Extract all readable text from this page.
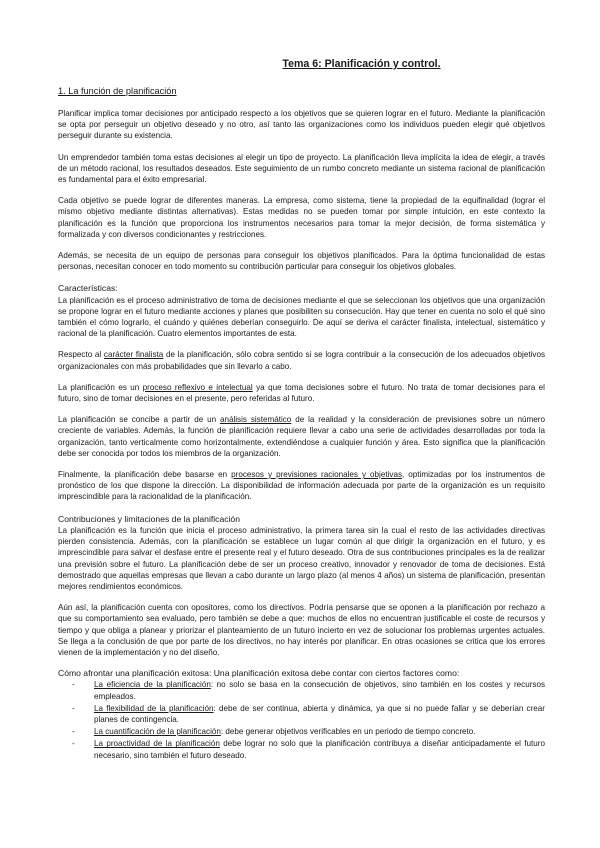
Tema 6: Planificación y control.
1. La función de planificación

Planificar implica tomar decisiones por anticipado respecto a los objetivos que se quieren lograr en el futuro. Mediante la planificación se opta por perseguir un objetivo deseado y no otro, así tanto las organizaciones como los individuos pueden elegir qué objetivos perseguir durante su existencia.

Un emprendedor también toma estas decisiones al elegir un tipo de proyecto. La planificación lleva implícita la idea de elegir, a través de un método racional, los resultados deseados. Este seguimiento de un rumbo concreto mediante un sistema racional de planificación es fundamental para el éxito empresarial.

Cada objetivo se puede lograr de diferentes maneras. La empresa, como sistema, tiene la propiedad de la equifinalidad (lograr el mismo objetivo mediante distintas alternativas). Estas medidas no se pueden tomar por simple intuición, en este contexto la planificación es la función que proporciona los instrumentos necesarios para tomar la mejor decisión, de forma sistemática y formalizada y con diversos condicionantes y restricciones.

Además, se necesita de un equipo de personas para conseguir los objetivos planificados. Para la óptima funcionalidad de estas personas, necesitan conocer en todo momento su contribución particular para conseguir los objetivos globales.

Características:

La planificación es el proceso administrativo de toma de decisiones mediante el que se seleccionan los objetivos que una organización se propone lograr en el futuro mediante acciones y planes que posibiliten su consecución. Hay que tener en cuenta no solo el qué sino también el cómo lograrlo, el cuándo y quiénes deberían conseguirlo. De aquí se deriva el carácter finalista, intelectual, sistemático y racional de la planificación. Cuatro elementos importantes de esta.

Respecto al carácter finalista de la planificación, sólo cobra sentido si se logra contribuir a la consecución de los adecuados objetivos organizacionales con más probabilidades que sin llevarlo a cabo.

La planificación es un proceso reflexivo e intelectual ya que toma decisiones sobre el futuro. No trata de tomar decisiones para el futuro, sino de tomar decisiones en el presente, pero referidas al futuro.

La planificación se concibe a partir de un análisis sistemático de la realidad y la consideración de previsiones sobre un número creciente de variables. Además, la función de planificación requiere llevar a cabo una serie de actividades desarrolladas por toda la organización, tanto verticalmente como horizontalmente, extendiéndose a cualquier función y área. Esto significa que la planificación debe ser conocida por todos los miembros de la organización.

Finalmente, la planificación debe basarse en procesos y previsiones racionales y objetivas, optimizadas por los instrumentos de pronóstico de los que dispone la dirección. La disponibilidad de información adecuada por parte de la organización es un requisito imprescindible para la racionalidad de la planificación.

Contribuciones y limitaciones de la planificación

La planificación es la función que inicia el proceso administrativo, la primera tarea sin la cual el resto de las actividades directivas pierden consistencia. Además, con la planificación se establece un lugar común al que dirigir la organización en el futuro, y es imprescindible para salvar el desfase entre el presente real y el futuro deseado. Otra de sus contribuciones principales es la de realizar una previsión sobre el futuro. La planificación debe de ser un proceso creativo, innovador y renovador de toma de decisiones. Está demostrado que aquellas empresas que llevan a cabo durante un largo plazo (al menos 4 años) un sistema de planificación, presentan mejores rendimientos económicos.

Aún así, la planificación cuenta con opositores, como los directivos. Podría pensarse que se oponen a la planificación por rechazo a que su comportamiento sea evaluado, pero también se debe a que: muchos de ellos no encuentran justificable el coste de recursos y tiempo y que obliga a planear y priorizar el planteamiento de un futuro incierto en vez de solucionar los problemas urgentes actuales. Se llega a la conclusión de que por parte de los directivos, no hay interés por planificar. En otras ocasiones se critica que los errores vienen de la implementación y no del diseño.

Cómo afrontar una planificación exitosa: Una planificación exitosa debe contar con ciertos factores como:
- La eficiencia de la planificación: no solo se basa en la consecución de objetivos, sino también en los costes y recursos empleados.
- La flexibilidad de la planificación: debe de ser continua, abierta y dinámica, ya que si no puede fallar y se deberían crear planes de contingencia.
- La cuantificación de la planificación: debe generar objetivos verificables en un periodo de tiempo concreto.
- La proactividad de la planificación debe lograr no solo que la planificación contribuya a diseñar anticipadamente el futuro necesario, sino también el futuro deseado.
